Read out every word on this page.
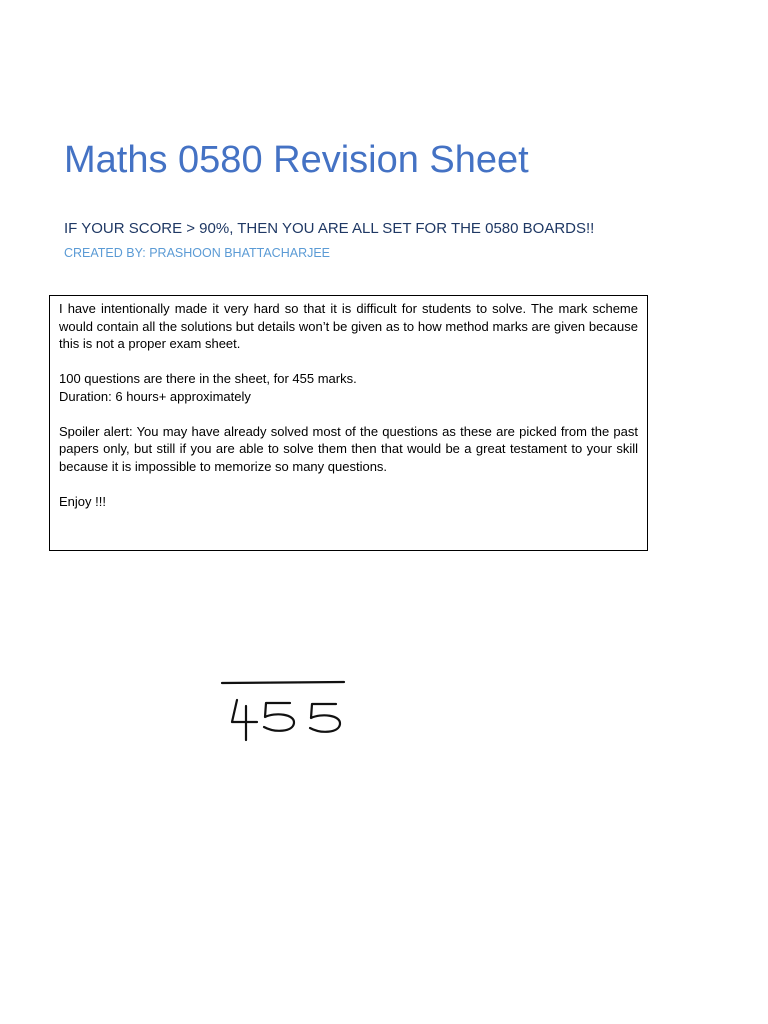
Maths 0580 Revision Sheet

IF YOUR SCORE > 90%, THEN YOU ARE ALL SET FOR THE 0580 BOARDS!!

CREATED BY: PRASHOON BHATTACHARJEE

I have intentionally made it very hard so that it is difficult for students to solve. The mark scheme would contain all the solutions but details won’t be given as to how method marks are given because this is not a proper exam sheet.

100 questions are there in the sheet, for 455 marks.
Duration: 6 hours+ approximately

Spoiler alert: You may have already solved most of the questions as these are picked from the past papers only, but still if you are able to solve them then that would be a great testament to your skill because it is impossible to memorize so many questions.

Enjoy !!!
